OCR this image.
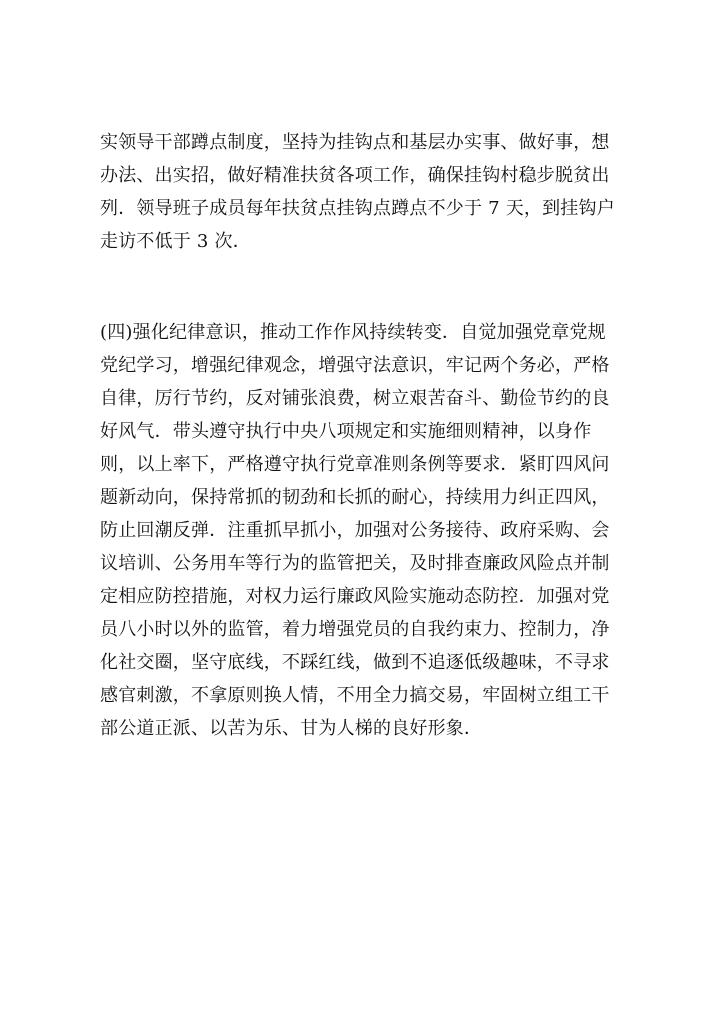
实领导干部蹲点制度，坚持为挂钩点和基层办实事、做好事，想
办法、出实招，做好精准扶贫各项工作，确保挂钩村稳步脱贫出
列．领导班子成员每年扶贫点挂钩点蹲点不少于 7 天，到挂钩户
走访不低于 3 次．
(四)强化纪律意识，推动工作作风持续转变．自觉加强党章党规
党纪学习，增强纪律观念，增强守法意识，牢记两个务必，严格
自律，厉行节约，反对铺张浪费，树立艰苦奋斗、勤俭节约的良
好风气．带头遵守执行中央八项规定和实施细则精神，以身作
则，以上率下，严格遵守执行党章准则条例等要求．紧盯四风问
题新动向，保持常抓的韧劲和长抓的耐心，持续用力纠正四风，
防止回潮反弹．注重抓早抓小，加强对公务接待、政府采购、会
议培训、公务用车等行为的监管把关，及时排查廉政风险点并制
定相应防控措施，对权力运行廉政风险实施动态防控．加强对党
员八小时以外的监管，着力增强党员的自我约束力、控制力，净
化社交圈，坚守底线，不踩红线，做到不追逐低级趣味，不寻求
感官刺激，不拿原则换人情，不用全力搞交易，牢固树立组工干
部公道正派、以苦为乐、甘为人梯的良好形象．
